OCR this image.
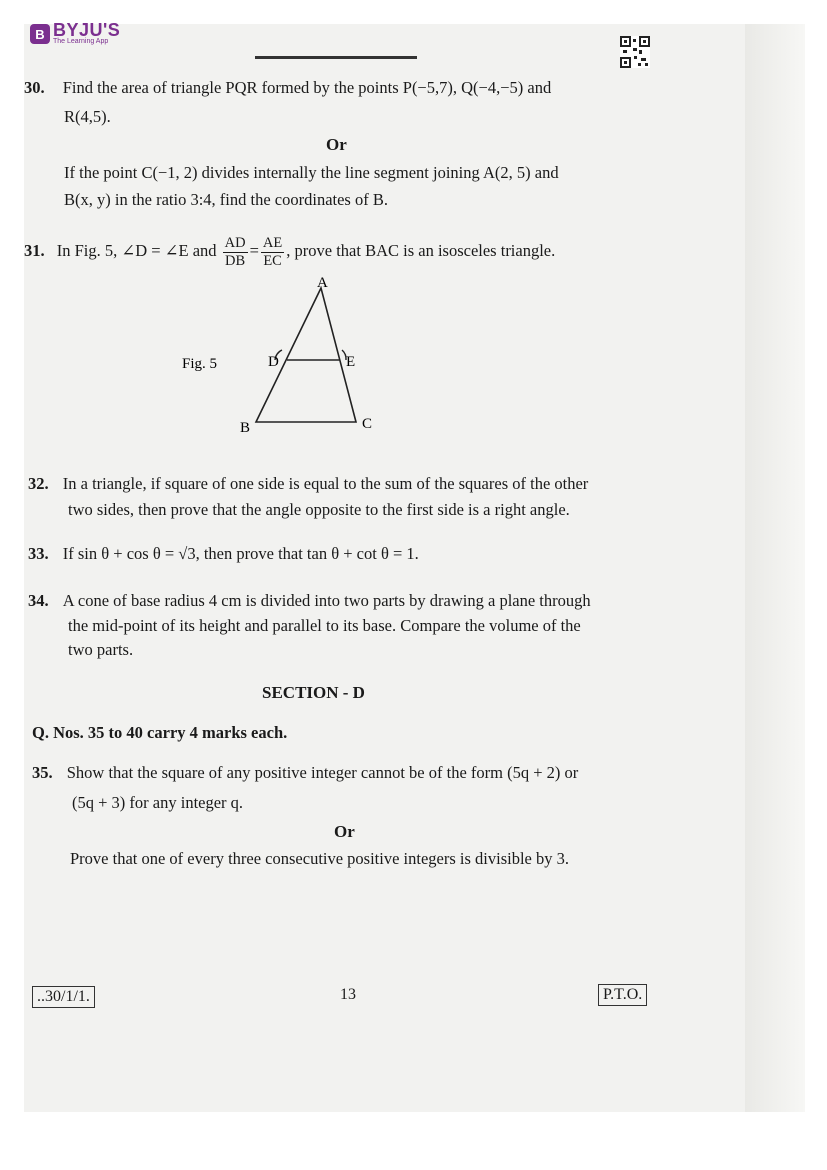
B BYJU'S
The Learning App
30. Find the area of triangle PQR formed by the points P(−5,7), Q(−4,−5) and
R(4,5).
Or
If the point C(−1, 2) divides internally the line segment joining A(2, 5) and
B(x, y) in the ratio 3:4, find the coordinates of B.
31. In Fig. 5, ∠D = ∠E and $\frac{AD}{DB} = \frac{AE}{EC}$ , prove that BAC is an isosceles triangle.
A
B	C
D	E
Fig. 5
32. In a triangle, if square of one side is equal to the sum of the squares of the other
two sides, then prove that the angle opposite to the first side is a right angle.
33. If sin θ + cos θ = √3, then prove that tan θ + cot θ = 1.
34. A cone of base radius 4 cm is divided into two parts by drawing a plane through
the mid-point of its height and parallel to its base. Compare the volume of the
two parts.
SECTION - D
Q. Nos. 35 to 40 carry 4 marks each.
35. Show that the square of any positive integer cannot be of the form (5q + 2) or
(5q + 3) for any integer q.
Or
Prove that one of every three consecutive positive integers is divisible by 3.
..30/1/1.	13	P.T.O.
